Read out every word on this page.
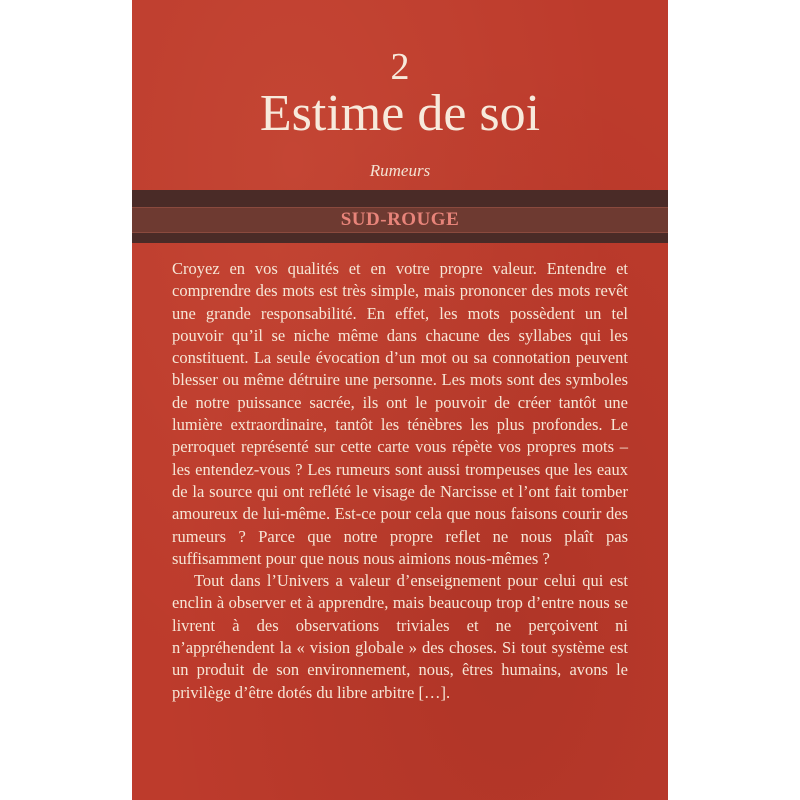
2
Estime de soi
Rumeurs
SUD-ROUGE

Croyez en vos qualités et en votre propre valeur. Entendre et comprendre des mots est très simple, mais prononcer des mots revêt une grande responsabilité. En effet, les mots possèdent un tel pouvoir qu’il se niche même dans chacune des syllabes qui les constituent. La seule évocation d’un mot ou sa connotation peuvent blesser ou même détruire une personne. Les mots sont des symboles de notre puissance sacrée, ils ont le pouvoir de créer tantôt une lumière extraordinaire, tantôt les ténèbres les plus profondes. Le perroquet représenté sur cette carte vous répète vos propres mots – les entendez-vous ? Les rumeurs sont aussi trompeuses que les eaux de la source qui ont reflété le visage de Narcisse et l’ont fait tomber amoureux de lui-même. Est-ce pour cela que nous faisons courir des rumeurs ? Parce que notre propre reflet ne nous plaît pas suffisamment pour que nous nous aimions nous-mêmes ?

Tout dans l’Univers a valeur d’enseignement pour celui qui est enclin à observer et à apprendre, mais beaucoup trop d’entre nous se livrent à des observations triviales et ne perçoivent ni n’appréhendent la « vision globale » des choses. Si tout système est un produit de son environnement, nous, êtres humains, avons le privilège d’être dotés du libre arbitre […].
